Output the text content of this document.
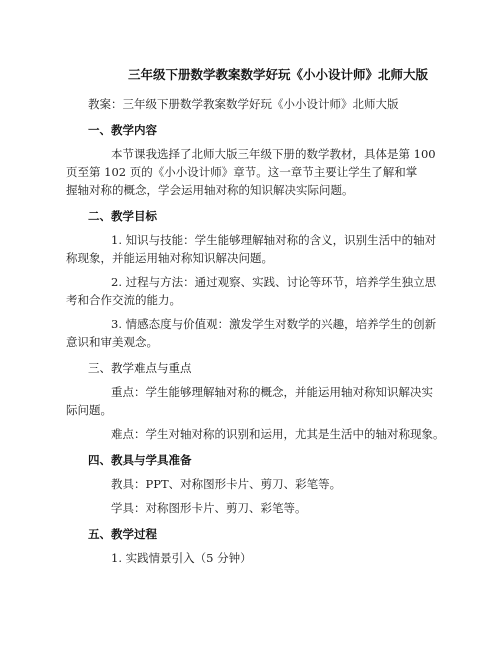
三年级下册数学教案数学好玩《小小设计师》北师大版

教案：三年级下册数学教案数学好玩《小小设计师》北师大版

一、教学内容

本节课我选择了北师大版三年级下册的数学教材，具体是第 100

页至第 102 页的《小小设计师》章节。这一章节主要让学生了解和掌

握轴对称的概念，学会运用轴对称的知识解决实际问题。

二、教学目标

1. 知识与技能：学生能够理解轴对称的含义，识别生活中的轴对

称现象，并能运用轴对称知识解决问题。

2. 过程与方法：通过观察、实践、讨论等环节，培养学生独立思

考和合作交流的能力。

3. 情感态度与价值观：激发学生对数学的兴趣，培养学生的创新

意识和审美观念。

三、教学难点与重点

重点：学生能够理解轴对称的概念，并能运用轴对称知识解决实

际问题。

难点：学生对轴对称的识别和运用，尤其是生活中的轴对称现象。

四、教具与学具准备

教具：PPT、对称图形卡片、剪刀、彩笔等。

学具：对称图形卡片、剪刀、彩笔等。

五、教学过程

1. 实践情景引入（5 分钟）
